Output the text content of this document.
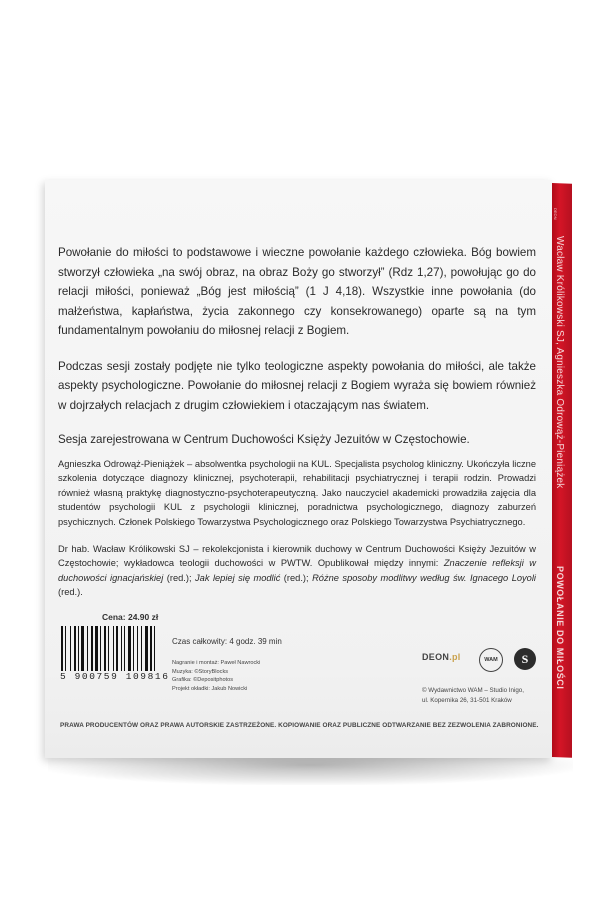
DEON
Wacław Królikowski SJ, Agnieszka Odrowąż-Pieniążek
POWOŁANIE DO MIŁOŚCI

Powołanie do miłości to podstawowe i wieczne powołanie każdego człowieka. Bóg bowiem stworzył człowieka „na swój obraz, na obraz Boży go stworzył” (Rdz 1,27), powołując go do relacji miłości, ponieważ „Bóg jest miłością” (1 J 4,18). Wszystkie inne powołania (do małżeństwa, kapłaństwa, życia zakonnego czy konsekrowanego) oparte są na tym fundamentalnym powołaniu do miłosnej relacji z Bogiem.

Podczas sesji zostały podjęte nie tylko teologiczne aspekty powołania do miłości, ale także aspekty psychologiczne. Powołanie do miłosnej relacji z Bogiem wyraża się bowiem również w dojrzałych relacjach z drugim człowiekiem i otaczającym nas światem.

Sesja zarejestrowana w Centrum Duchowości Księży Jezuitów w Częstochowie.

Agnieszka Odrowąż-Pieniążek – absolwentka psychologii na KUL. Specjalista psycholog kliniczny. Ukończyła liczne szkolenia dotyczące diagnozy klinicznej, psychoterapii, rehabilitacji psychiatrycznej i terapii rodzin. Prowadzi również własną praktykę diagnostyczno-psychoterapeutyczną. Jako nauczyciel akademicki prowadziła zajęcia dla studentów psychologii KUL z psychologii klinicznej, poradnictwa psychologicznego, diagnozy zaburzeń psychicznych. Członek Polskiego Towarzystwa Psychologicznego oraz Polskiego Towarzystwa Psychiatrycznego.

Dr hab. Wacław Królikowski SJ – rekolekcjonista i kierownik duchowy w Centrum Duchowości Księży Jezuitów w Częstochowie; wykładowca teologii duchowości w PWTW. Opublikował między innymi: Znaczenie refleksji w duchowości ignacjańskiej (red.); Jak lepiej się modlić (red.); Różne sposoby modlitwy według św. Ignacego Loyoli (red.).

Cena: 24.90 zł
5 900759 109816
Czas całkowity: 4 godz. 39 min
Nagranie i montaż: Paweł Nawrocki
Muzyka: ©StoryBlocks
Grafika: ©Depositphotos
Projekt okładki: Jakub Nowicki
DEON.pl	WAM	S
© Wydawnictwo WAM – Studio Inigo,
ul. Kopernika 26, 31-501 Kraków
PRAWA PRODUCENTÓW ORAZ PRAWA AUTORSKIE ZASTRZEŻONE. KOPIOWANIE ORAZ PUBLICZNE ODTWARZANIE BEZ ZEZWOLENIA ZABRONIONE.
